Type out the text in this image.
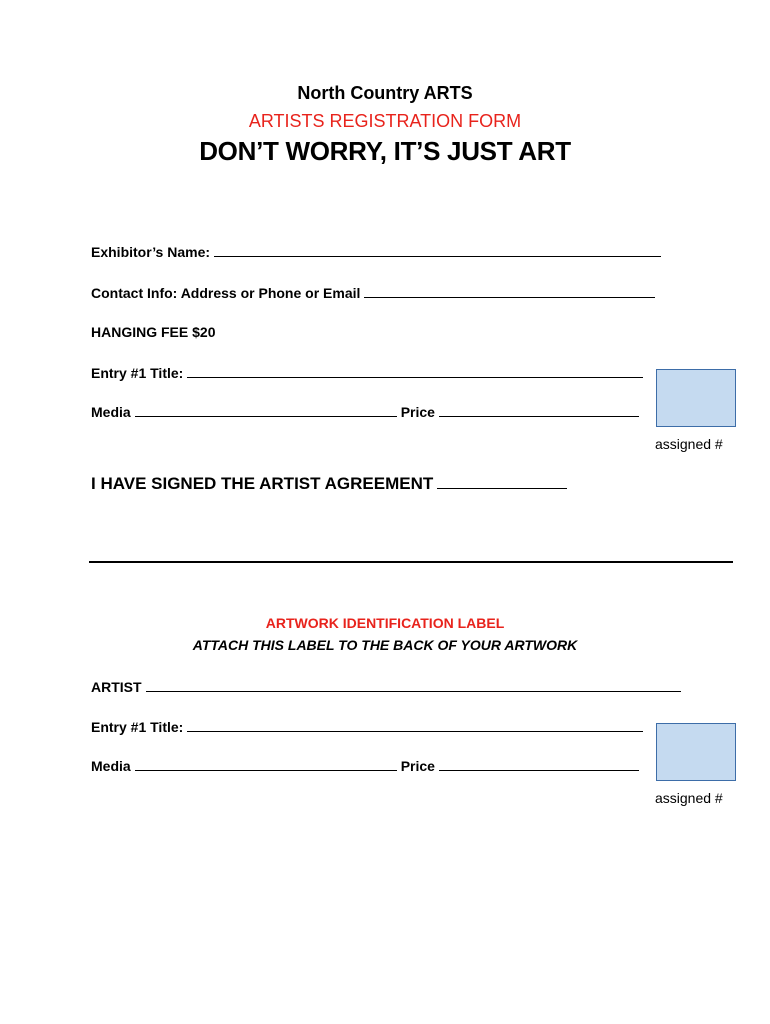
North Country ARTS
ARTISTS REGISTRATION FORM
DON’T WORRY, IT’S JUST ART
Exhibitor’s Name:
Contact Info: Address or Phone or Email
HANGING FEE $20
Entry #1 Title:
Media	Price
assigned #
I HAVE SIGNED THE ARTIST AGREEMENT
ARTWORK IDENTIFICATION LABEL
ATTACH THIS LABEL TO THE BACK OF YOUR ARTWORK
ARTIST
Entry #1 Title:
Media	Price
assigned #
